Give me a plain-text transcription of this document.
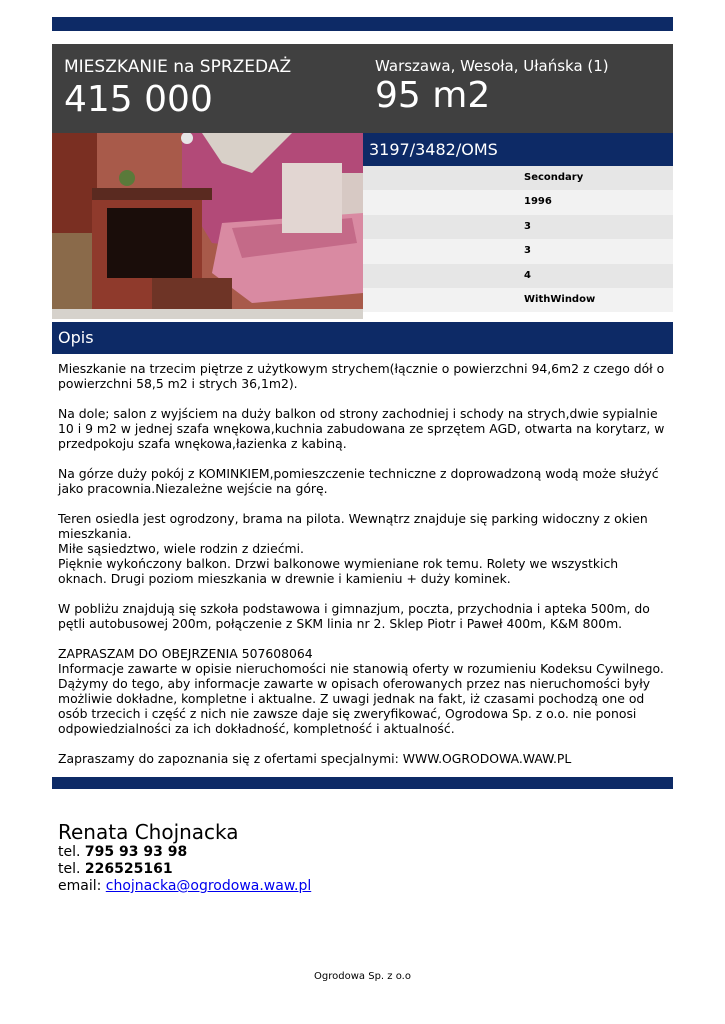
MIESZKANIE na SPRZEDAŻ
415 000
Warszawa, Wesoła, Ułańska (1)
95 m2
3197/3482/OMS
Secondary
1996
3
3
4
WithWindow
Opis

Mieszkanie na trzecim piętrze z użytkowym strychem(łącznie o powierzchni 94,6m2 z czego dół o powierzchni 58,5 m2 i strych 36,1m2).

Na dole; salon z wyjściem na duży balkon od strony zachodniej i schody na strych,dwie sypialnie 10 i 9 m2 w jednej szafa wnękowa,kuchnia zabudowana ze sprzętem AGD, otwarta na korytarz, w przedpokoju szafa wnękowa,łazienka z kabiną.

Na górze duży pokój z KOMINKIEM,pomieszczenie techniczne z doprowadzoną wodą może służyć jako pracownia.Niezależne wejście na górę.

Teren osiedla jest ogrodzony, brama na pilota. Wewnątrz znajduje się parking widoczny z okien mieszkania.
Miłe sąsiedztwo, wiele rodzin z dziećmi.
Pięknie wykończony balkon. Drzwi balkonowe wymieniane rok temu. Rolety we wszystkich oknach. Drugi poziom mieszkania w drewnie i kamieniu + duży kominek.

W pobliżu znajdują się szkoła podstawowa i gimnazjum, poczta, przychodnia i apteka 500m, do pętli autobusowej 200m, połączenie z SKM linia nr 2. Sklep Piotr i Paweł 400m, K&M 800m.

ZAPRASZAM DO OBEJRZENIA 507608064
Informacje zawarte w opisie nieruchomości nie stanowią oferty w rozumieniu Kodeksu Cywilnego. Dążymy do tego, aby informacje zawarte w opisach oferowanych przez nas nieruchomości były możliwie dokładne, kompletne i aktualne. Z uwagi jednak na fakt, iż czasami pochodzą one od osób trzecich i część z nich nie zawsze daje się zweryfikować, Ogrodowa Sp. z o.o. nie ponosi odpowiedzialności za ich dokładność, kompletność i aktualność.

Zapraszamy do zapoznania się z ofertami specjalnymi: WWW.OGRODOWA.WAW.PL

Renata Chojnacka
tel. 795 93 93 98
tel. 226525161
email: chojnacka@ogrodowa.waw.pl
Ogrodowa Sp. z o.o
